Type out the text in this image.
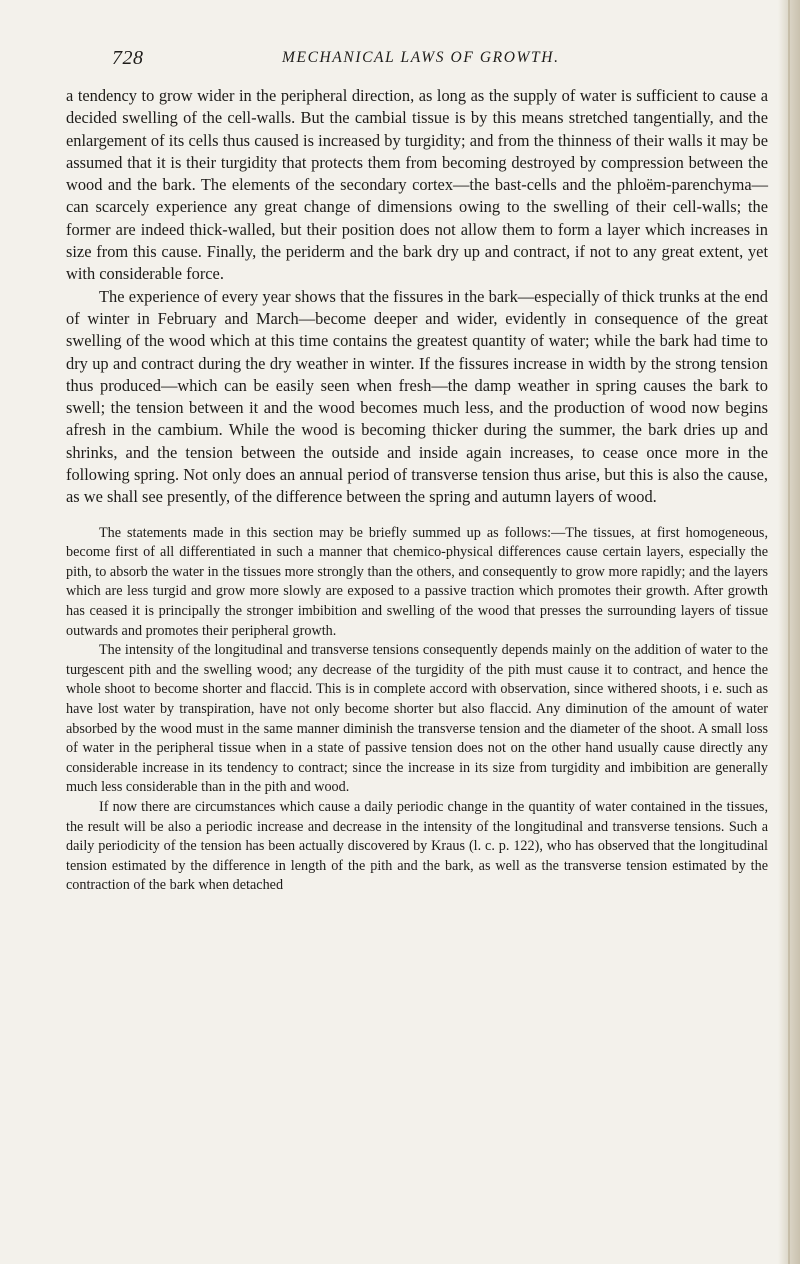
728	MECHANICAL LAWS OF GROWTH.

a tendency to grow wider in the peripheral direction, as long as the supply of water is sufficient to cause a decided swelling of the cell-walls. But the cambial tissue is by this means stretched tangentially, and the enlargement of its cells thus caused is increased by turgidity; and from the thinness of their walls it may be assumed that it is their turgidity that protects them from becoming destroyed by compression between the wood and the bark. The elements of the secondary cortex—the bast-cells and the phloëm-parenchyma—can scarcely experience any great change of dimensions owing to the swelling of their cell-walls; the former are indeed thick-walled, but their position does not allow them to form a layer which increases in size from this cause. Finally, the periderm and the bark dry up and contract, if not to any great extent, yet with considerable force.

The experience of every year shows that the fissures in the bark—especially of thick trunks at the end of winter in February and March—become deeper and wider, evidently in consequence of the great swelling of the wood which at this time contains the greatest quantity of water; while the bark had time to dry up and contract during the dry weather in winter. If the fissures increase in width by the strong tension thus produced—which can be easily seen when fresh—the damp weather in spring causes the bark to swell; the tension between it and the wood becomes much less, and the production of wood now begins afresh in the cambium. While the wood is becoming thicker during the summer, the bark dries up and shrinks, and the tension between the outside and inside again increases, to cease once more in the following spring. Not only does an annual period of transverse tension thus arise, but this is also the cause, as we shall see presently, of the difference between the spring and autumn layers of wood.

The statements made in this section may be briefly summed up as follows:—The tissues, at first homogeneous, become first of all differentiated in such a manner that chemico-physical differences cause certain layers, especially the pith, to absorb the water in the tissues more strongly than the others, and consequently to grow more rapidly; and the layers which are less turgid and grow more slowly are exposed to a passive traction which promotes their growth. After growth has ceased it is principally the stronger imbibition and swelling of the wood that presses the surrounding layers of tissue outwards and promotes their peripheral growth.

The intensity of the longitudinal and transverse tensions consequently depends mainly on the addition of water to the turgescent pith and the swelling wood; any decrease of the turgidity of the pith must cause it to contract, and hence the whole shoot to become shorter and flaccid. This is in complete accord with observation, since withered shoots, i e. such as have lost water by transpiration, have not only become shorter but also flaccid. Any diminution of the amount of water absorbed by the wood must in the same manner diminish the transverse tension and the diameter of the shoot. A small loss of water in the peripheral tissue when in a state of passive tension does not on the other hand usually cause directly any considerable increase in its tendency to contract; since the increase in its size from turgidity and imbibition are generally much less considerable than in the pith and wood.

If now there are circumstances which cause a daily periodic change in the quantity of water contained in the tissues, the result will be also a periodic increase and decrease in the intensity of the longitudinal and transverse tensions. Such a daily periodicity of the tension has been actually discovered by Kraus (l. c. p. 122), who has observed that the longitudinal tension estimated by the difference in length of the pith and the bark, as well as the transverse tension estimated by the contraction of the bark when detached
